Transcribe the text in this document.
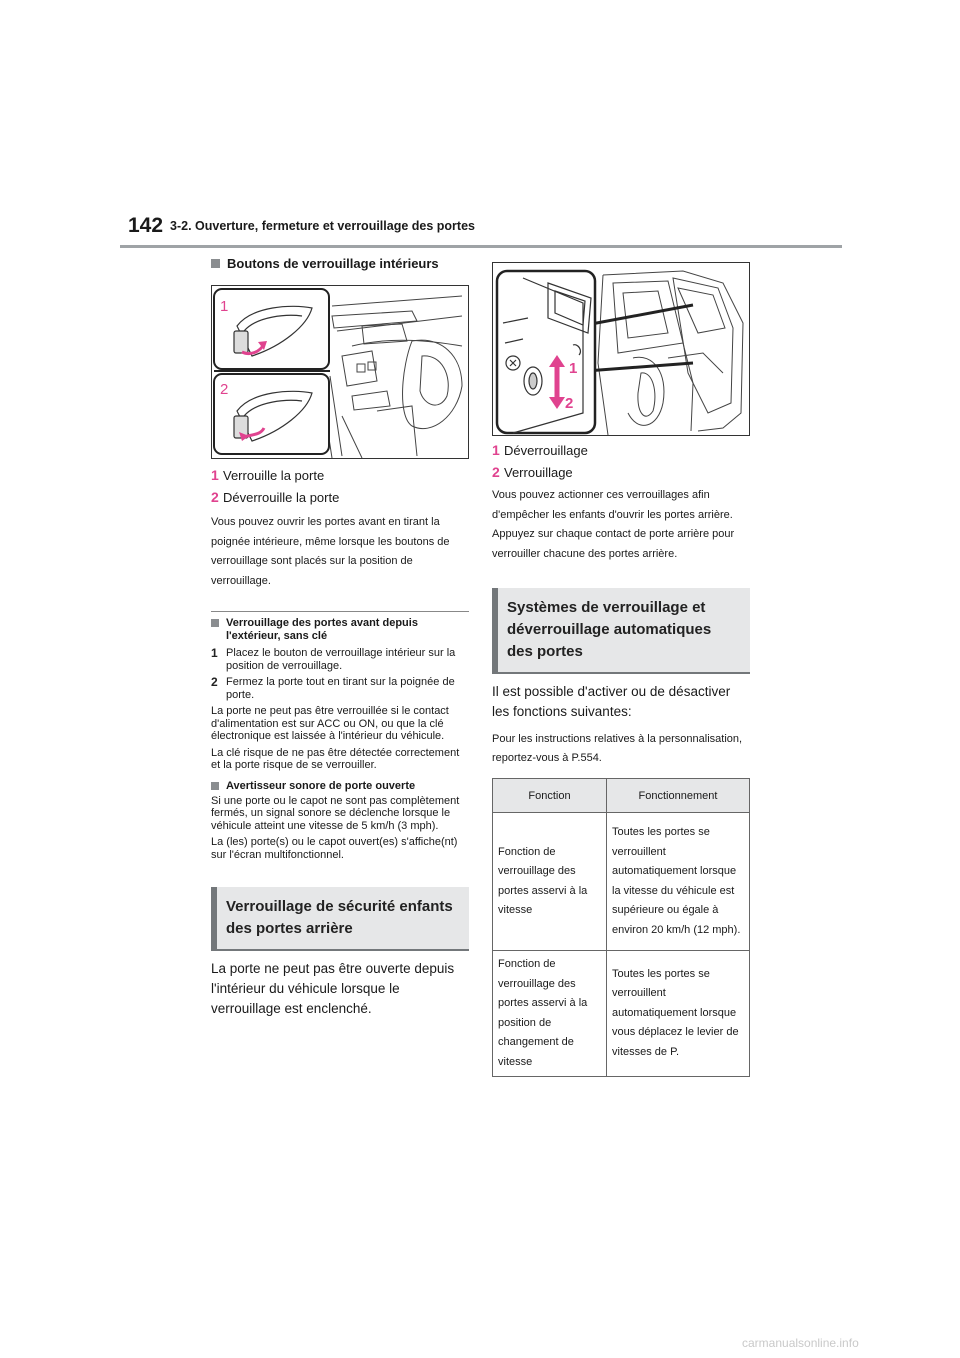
142 3-2. Ouverture, fermeture et verrouillage des portes
Boutons de verrouillage intérieurs
1
2
1 Verrouille la porte
2 Déverrouille la porte

Vous pouvez ouvrir les portes avant en tirant la poignée intérieure, même lorsque les boutons de verrouillage sont placés sur la position de verrouillage.

Verrouillage des portes avant depuis l'extérieur, sans clé
1 Placez le bouton de verrouillage intérieur sur la position de verrouillage.
2 Fermez la porte tout en tirant sur la poignée de porte.

La porte ne peut pas être verrouillée si le contact d'alimentation est sur ACC ou ON, ou que la clé électronique est laissée à l'intérieur du véhicule.

La clé risque de ne pas être détectée correctement et la porte risque de se verrouiller.

Avertisseur sonore de porte ouverte

Si une porte ou le capot ne sont pas complètement fermés, un signal sonore se déclenche lorsque le véhicule atteint une vitesse de 5 km/h (3 mph).

La (les) porte(s) ou le capot ouvert(es) s'affiche(nt) sur l'écran multifonctionnel.

Verrouillage de sécurité enfants des portes arrière

La porte ne peut pas être ouverte depuis l'intérieur du véhicule lorsque le verrouillage est enclenché.

1
2
1 Déverrouillage
2 Verrouillage

Vous pouvez actionner ces verrouillages afin d'empêcher les enfants d'ouvrir les portes arrière. Appuyez sur chaque contact de porte arrière pour verrouiller chacune des portes arrière.

Systèmes de verrouillage et déverrouillage automatiques des portes

Il est possible d'activer ou de désactiver les fonctions suivantes:

Pour les instructions relatives à la personnalisation, reportez-vous à P.554.

Fonction	Fonctionnement
Fonction de verrouillage des portes asservi à la vitesse	Toutes les portes se verrouillent automatiquement lorsque la vitesse du véhicule est supérieure ou égale à environ 20 km/h (12 mph).
Fonction de verrouillage des portes asservi à la position de changement de vitesse	Toutes les portes se verrouillent automatiquement lorsque vous déplacez le levier de vitesses de P.
carmanualsonline.info
